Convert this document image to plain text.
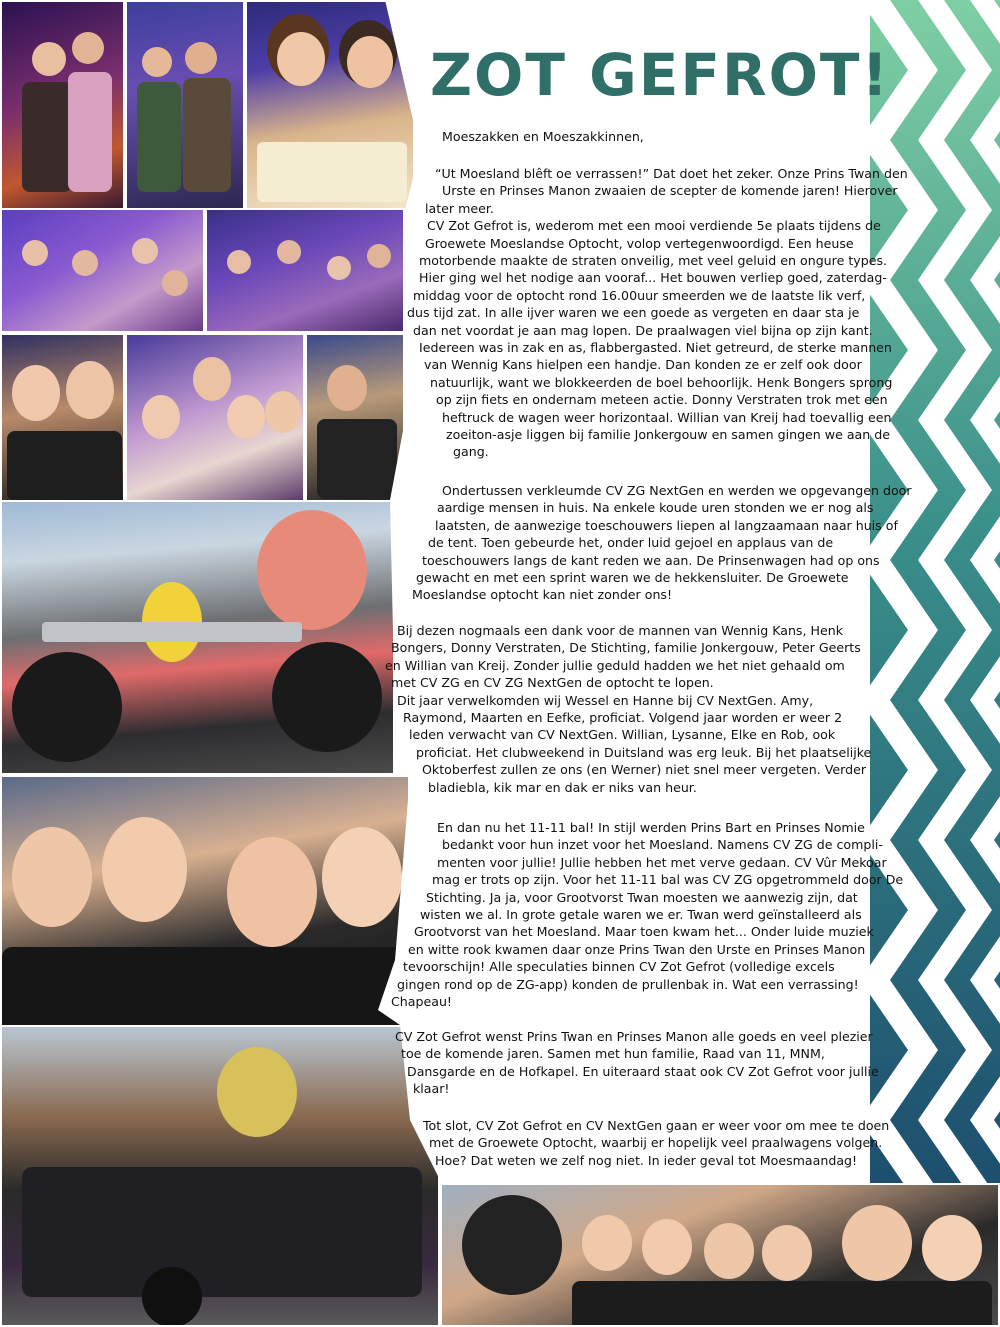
ZOT GEFROT!
Moeszakken en Moeszakkinnen,
“Ut Moesland blêft oe verrassen!” Dat doet het zeker. Onze Prins Twan den
Urste en Prinses Manon zwaaien de scepter de komende jaren! Hierover
later meer.
CV Zot Gefrot is, wederom met een mooi verdiende 5e plaats tijdens de
Groewete Moeslandse Optocht, volop vertegenwoordigd. Een heuse
motorbende maakte de straten onveilig, met veel geluid en ongure types.
Hier ging wel het nodige aan vooraf... Het bouwen verliep goed, zaterdag-
middag voor de optocht rond 16.00uur smeerden we de laatste lik verf,
dus tijd zat. In alle ijver waren we een goede as vergeten en daar sta je
dan net voordat je aan mag lopen. De praalwagen viel bijna op zijn kant.
Iedereen was in zak en as, flabbergasted. Niet getreurd, de sterke mannen
van Wennig Kans hielpen een handje. Dan konden ze er zelf ook door
natuurlijk, want we blokkeerden de boel behoorlijk. Henk Bongers sprong
op zijn fiets en ondernam meteen actie. Donny Verstraten trok met een
heftruck de wagen weer horizontaal. Willian van Kreij had toevallig een
zoeiton-asje liggen bij familie Jonkergouw en samen gingen we aan de
gang.
Ondertussen verkleumde CV ZG NextGen en werden we opgevangen door
aardige mensen in huis. Na enkele koude uren stonden we er nog als
laatsten, de aanwezige toeschouwers liepen al langzaamaan naar huis of
de tent. Toen gebeurde het, onder luid gejoel en applaus van de
toeschouwers langs de kant reden we aan. De Prinsenwagen had op ons
gewacht en met een sprint waren we de hekkensluiter. De Groewete
Moeslandse optocht kan niet zonder ons!
Bij dezen nogmaals een dank voor de mannen van Wennig Kans, Henk
Bongers, Donny Verstraten, De Stichting, familie Jonkergouw, Peter Geerts
en Willian van Kreij. Zonder jullie geduld hadden we het niet gehaald om
met CV ZG en CV ZG NextGen de optocht te lopen.
Dit jaar verwelkomden wij Wessel en Hanne bij CV NextGen. Amy,
Raymond, Maarten en Eefke, proficiat. Volgend jaar worden er weer 2
leden verwacht van CV NextGen. Willian, Lysanne, Elke en Rob, ook
proficiat. Het clubweekend in Duitsland was erg leuk. Bij het plaatselijke
Oktoberfest zullen ze ons (en Werner) niet snel meer vergeten. Verder
bladiebla, kik mar en dak er niks van heur.
En dan nu het 11-11 bal! In stijl werden Prins Bart en Prinses Nomie
bedankt voor hun inzet voor het Moesland. Namens CV ZG de compli-
menten voor jullie! Jullie hebben het met verve gedaan. CV Vûr Mekoar
mag er trots op zijn. Voor het 11-11 bal was CV ZG opgetrommeld door De
Stichting. Ja ja, voor Grootvorst Twan moesten we aanwezig zijn, dat
wisten we al. In grote getale waren we er. Twan werd geïnstalleerd als
Grootvorst van het Moesland. Maar toen kwam het... Onder luide muziek
en witte rook kwamen daar onze Prins Twan den Urste en Prinses Manon
tevoorschijn! Alle speculaties binnen CV Zot Gefrot (volledige excels
gingen rond op de ZG-app) konden de prullenbak in. Wat een verrassing!
Chapeau!
CV Zot Gefrot wenst Prins Twan en Prinses Manon alle goeds en veel plezier
toe de komende jaren. Samen met hun familie, Raad van 11, MNM,
Dansgarde en de Hofkapel. En uiteraard staat ook CV Zot Gefrot voor jullie
klaar!
Tot slot, CV Zot Gefrot en CV NextGen gaan er weer voor om mee te doen
met de Groewete Optocht, waarbij er hopelijk veel praalwagens volgen.
Hoe? Dat weten we zelf nog niet. In ieder geval tot Moesmaandag!
